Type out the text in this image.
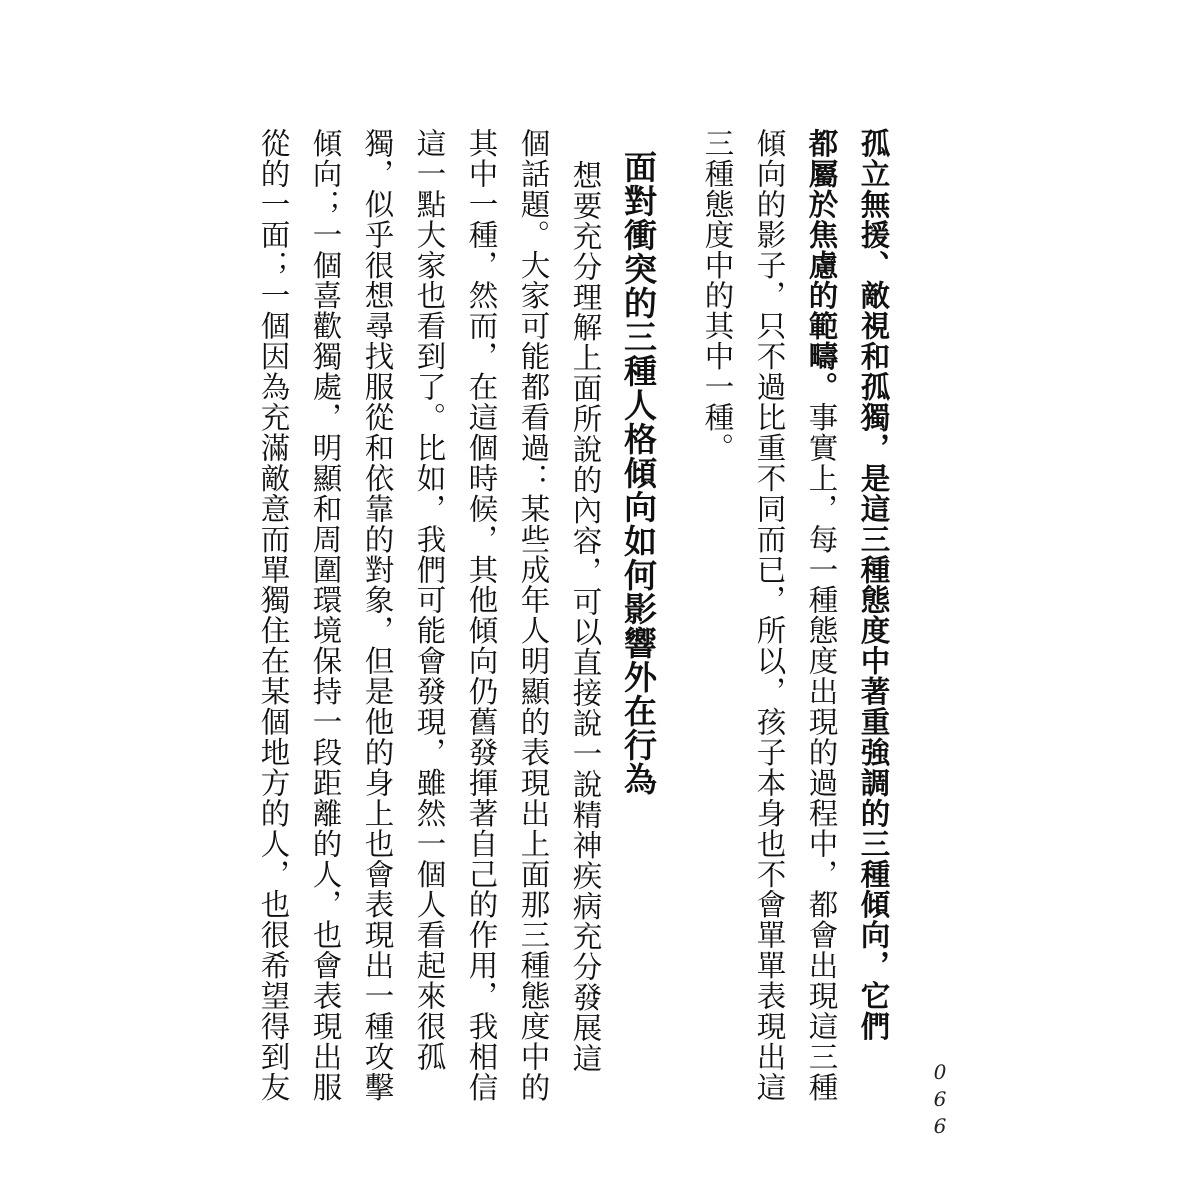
孤立無援、敵視和孤獨，是這三種態度中著重強調的三種傾向，它們
都屬於焦慮的範疇。事實上，每一種態度出現的過程中，都會出現這三種
傾向的影子，只不過比重不同而已，所以，孩子本身也不會單單表現出這
三種態度中的其中一種。
面對衝突的三種人格傾向如何影響外在行為
想要充分理解上面所說的內容，可以直接說一說精神疾病充分發展這
個話題。大家可能都看過：某些成年人明顯的表現出上面那三種態度中的
其中一種，然而，在這個時候，其他傾向仍舊發揮著自己的作用，我相信
這一點大家也看到了。比如，我們可能會發現，雖然一個人看起來很孤
獨，似乎很想尋找服從和依靠的對象，但是他的身上也會表現出一種攻擊
傾向；一個喜歡獨處，明顯和周圍環境保持一段距離的人，也會表現出服
從的一面；一個因為充滿敵意而單獨住在某個地方的人，也很希望得到友	066
